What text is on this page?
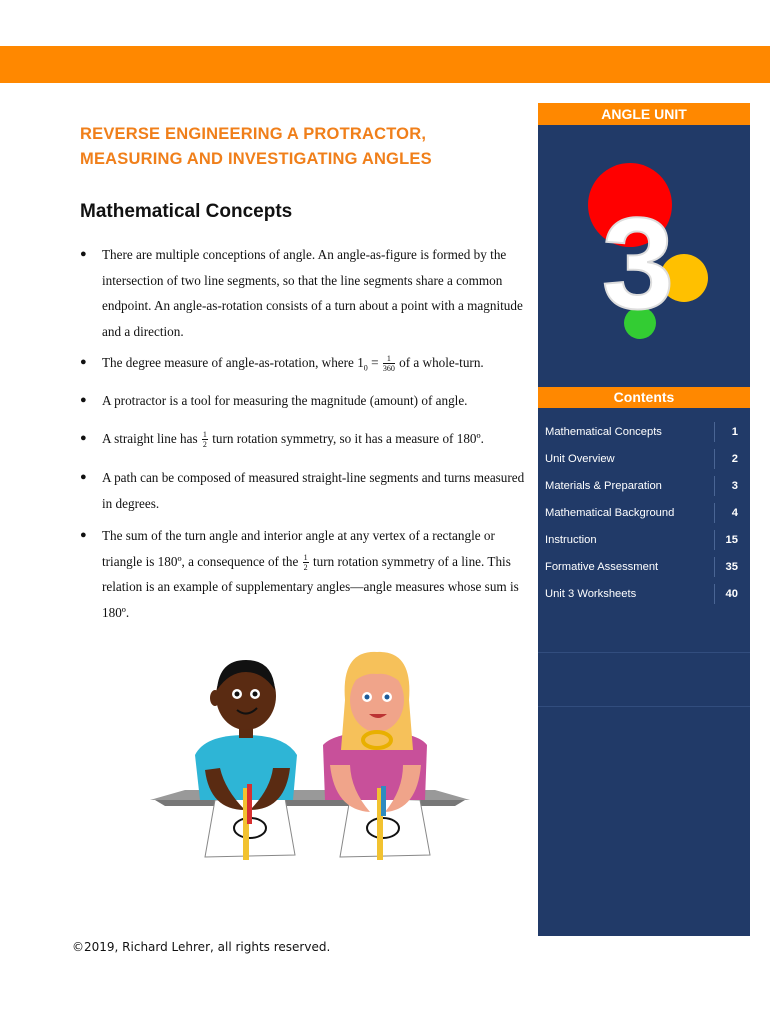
REVERSE ENGINEERING A PROTRACTOR,
MEASURING AND INVESTIGATING ANGLES
Mathematical Concepts
● There are multiple conceptions of angle. An angle-as-figure is formed by the intersection of two line segments, so that the line segments share a common endpoint. An angle-as-rotation consists of a turn about a point with a magnitude and a direction.
● The degree measure of angle-as-rotation, where $1_0 = \frac{1}{360}$ of a whole-turn.
● A protractor is a tool for measuring the magnitude (amount) of angle.
● A straight line has $\frac{1}{2}$ turn rotation symmetry, so it has a measure of 180º.
● A path can be composed of measured straight-line segments and turns measured in degrees.
● The sum of the turn angle and interior angle at any vertex of a rectangle or triangle is 180º, a consequence of the $\frac{1}{2}$ turn rotation symmetry of a line. This relation is an example of supplementary angles—angle measures whose sum is 180º.
ANGLE UNIT
3
Contents
Mathematical Concepts	1
Unit Overview	2
Materials & Preparation	3
Mathematical Background	4
Instruction	15
Formative Assessment	35
Unit 3 Worksheets	40
©2019, Richard Lehrer, all rights reserved.
